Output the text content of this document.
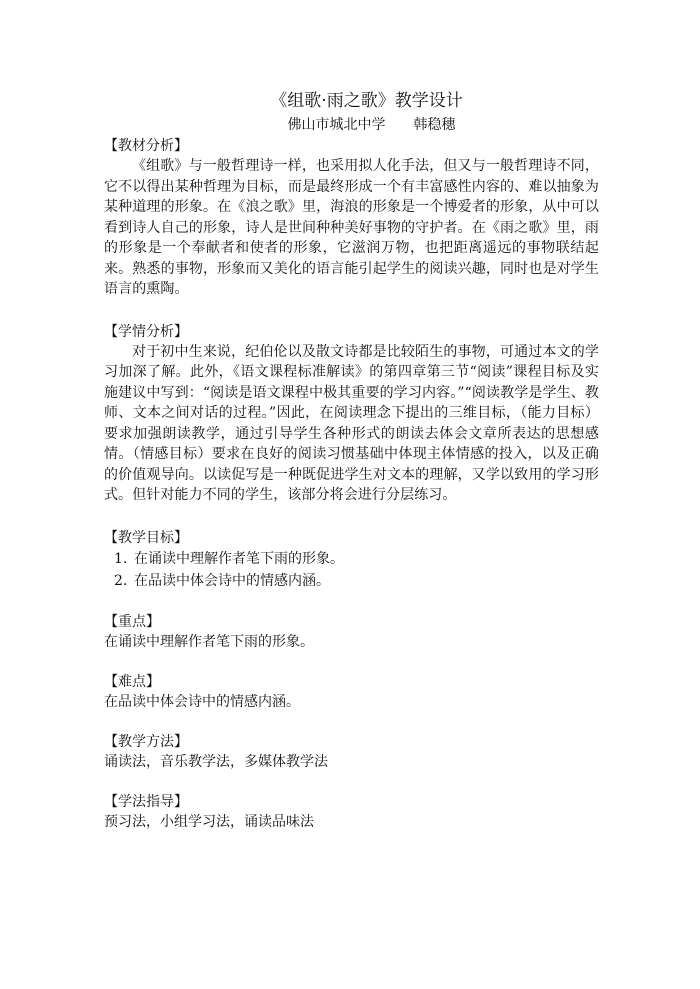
《组歌·雨之歌》教学设计

佛山市城北中学　　韩稳穗

【教材分析】

《组歌》与一般哲理诗一样，也采用拟人化手法，但又与一般哲理诗不同，它不以得出某种哲理为目标，而是最终形成一个有丰富感性内容的、难以抽象为某种道理的形象。在《浪之歌》里，海浪的形象是一个博爱者的形象，从中可以看到诗人自己的形象，诗人是世间种种美好事物的守护者。在《雨之歌》里，雨的形象是一个奉献者和使者的形象，它滋润万物，也把距离遥远的事物联结起来。熟悉的事物，形象而又美化的语言能引起学生的阅读兴趣，同时也是对学生语言的熏陶。

【学情分析】

对于初中生来说，纪伯伦以及散文诗都是比较陌生的事物，可通过本文的学习加深了解。此外，《语文课程标准解读》的第四章第三节“阅读”课程目标及实施建议中写到：“阅读是语文课程中极其重要的学习内容。”“阅读教学是学生、教师、文本之间对话的过程。”因此，在阅读理念下提出的三维目标，（能力目标）要求加强朗读教学，通过引导学生各种形式的朗读去体会文章所表达的思想感情。（情感目标）要求在良好的阅读习惯基础中体现主体情感的投入，以及正确的价值观导向。以读促写是一种既促进学生对文本的理解，又学以致用的学习形式。但针对能力不同的学生，该部分将会进行分层练习。

【教学目标】

1. 在诵读中理解作者笔下雨的形象。
2. 在品读中体会诗中的情感内涵。

【重点】

在诵读中理解作者笔下雨的形象。

【难点】

在品读中体会诗中的情感内涵。

【教学方法】

诵读法，音乐教学法，多媒体教学法

【学法指导】

预习法，小组学习法，诵读品味法
